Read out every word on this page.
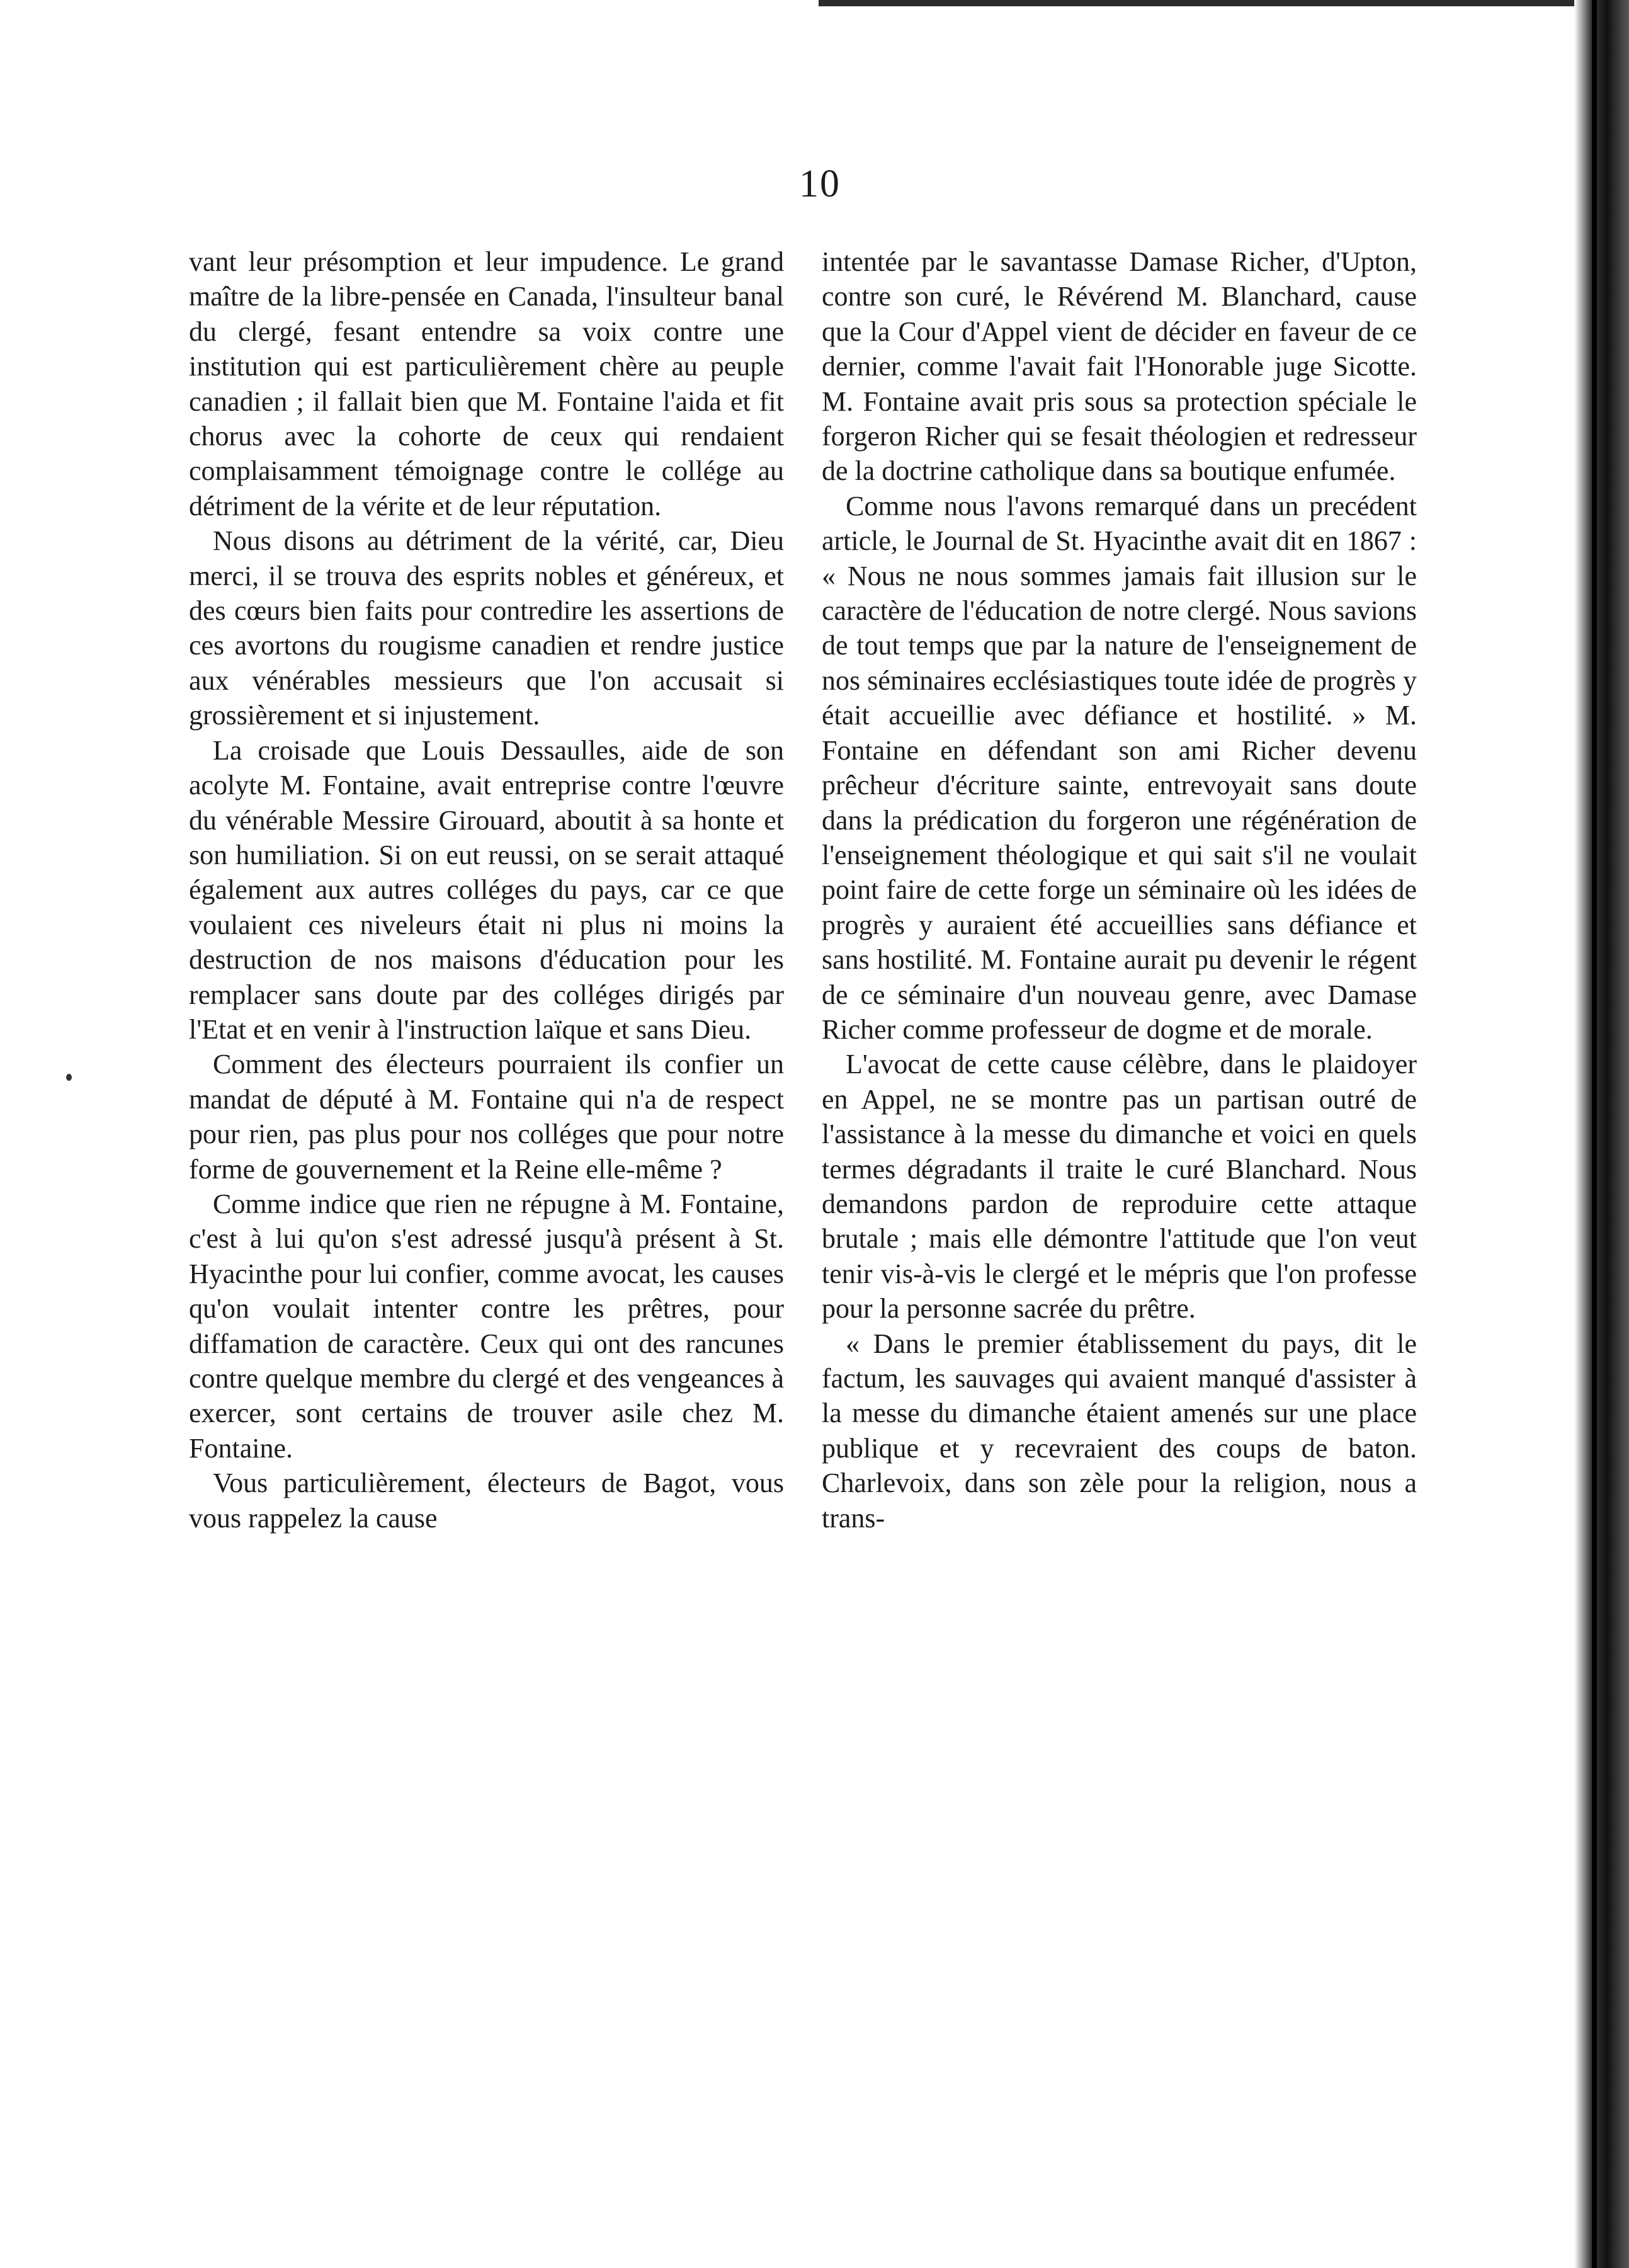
10

vant leur présomption et leur impudence. Le grand maître de la libre-pensée en Canada, l'insulteur banal du clergé, fesant entendre sa voix contre une institution qui est particulièrement chère au peuple canadien ; il fallait bien que M. Fontaine l'aida et fit chorus avec la cohorte de ceux qui rendaient complaisamment témoignage contre le collége au détriment de la vérite et de leur réputation.

Nous disons au détriment de la vérité, car, Dieu merci, il se trouva des esprits nobles et généreux, et des cœurs bien faits pour contredire les assertions de ces avortons du rougisme canadien et rendre justice aux vénérables messieurs que l'on accusait si grossièrement et si injustement.

La croisade que Louis Dessaulles, aide de son acolyte M. Fontaine, avait entreprise contre l'œuvre du vénérable Messire Girouard, aboutit à sa honte et son humiliation. Si on eut reussi, on se serait attaqué également aux autres colléges du pays, car ce que voulaient ces niveleurs était ni plus ni moins la destruction de nos maisons d'éducation pour les remplacer sans doute par des colléges dirigés par l'Etat et en venir à l'instruction laïque et sans Dieu.

Comment des électeurs pourraient ils confier un mandat de député à M. Fontaine qui n'a de respect pour rien, pas plus pour nos colléges que pour notre forme de gouvernement et la Reine elle-même ?

Comme indice que rien ne répugne à M. Fontaine, c'est à lui qu'on s'est adressé jusqu'à présent à St. Hyacinthe pour lui confier, comme avocat, les causes qu'on voulait intenter contre les prêtres, pour diffamation de caractère. Ceux qui ont des rancunes contre quelque membre du clergé et des vengeances à exercer, sont certains de trouver asile chez M. Fontaine.

Vous particulièrement, électeurs de Bagot, vous vous rappelez la cause

intentée par le savantasse Damase Richer, d'Upton, contre son curé, le Révérend M. Blanchard, cause que la Cour d'Appel vient de décider en faveur de ce dernier, comme l'avait fait l'Honorable juge Sicotte. M. Fontaine avait pris sous sa protection spéciale le forgeron Richer qui se fesait théologien et redresseur de la doctrine catholique dans sa boutique enfumée.

Comme nous l'avons remarqué dans un precédent article, le Journal de St. Hyacinthe avait dit en 1867 : « Nous ne nous sommes jamais fait illusion sur le caractère de l'éducation de notre clergé. Nous savions de tout temps que par la nature de l'enseignement de nos séminaires ecclésiastiques toute idée de progrès y était accueillie avec défiance et hostilité. » M. Fontaine en défendant son ami Richer devenu prêcheur d'écriture sainte, entrevoyait sans doute dans la prédication du forgeron une régénération de l'enseignement théologique et qui sait s'il ne voulait point faire de cette forge un séminaire où les idées de progrès y auraient été accueillies sans défiance et sans hostilité. M. Fontaine aurait pu devenir le régent de ce séminaire d'un nouveau genre, avec Damase Richer comme professeur de dogme et de morale.

L'avocat de cette cause célèbre, dans le plaidoyer en Appel, ne se montre pas un partisan outré de l'assistance à la messe du dimanche et voici en quels termes dégradants il traite le curé Blanchard. Nous demandons pardon de reproduire cette attaque brutale ; mais elle démontre l'attitude que l'on veut tenir vis-à-vis le clergé et le mépris que l'on professe pour la personne sacrée du prêtre.

« Dans le premier établissement du pays, dit le factum, les sauvages qui avaient manqué d'assister à la messe du dimanche étaient amenés sur une place publique et y recevraient des coups de baton. Charlevoix, dans son zèle pour la religion, nous a trans-
